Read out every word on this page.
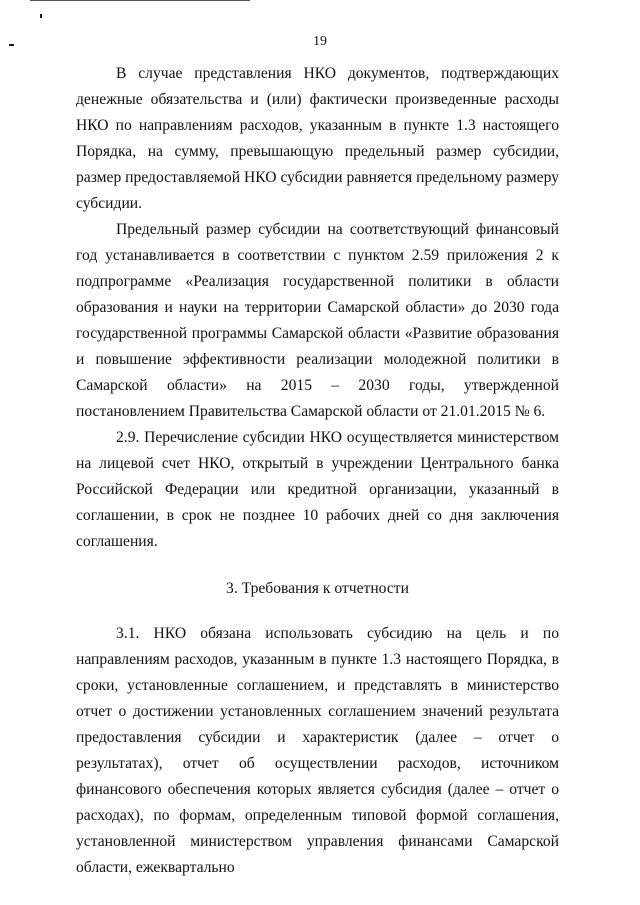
19

В случае представления НКО документов, подтверждающих денежные обязательства и (или) фактически произведенные расходы НКО по направлениям расходов, указанным в пункте 1.3 настоящего Порядка, на сумму, превышающую предельный размер субсидии, размер предоставляемой НКО субсидии равняется предельному размеру субсидии.

Предельный размер субсидии на соответствующий финансовый год устанавливается в соответствии с пунктом 2.59 приложения 2 к подпрограмме «Реализация государственной политики в области образования и науки на территории Самарской области» до 2030 года государственной программы Самарской области «Развитие образования и повышение эффективности реализации молодежной политики в Самарской области» на 2015 – 2030 годы, утвержденной постановлением Правительства Самарской области от 21.01.2015 № 6.

2.9. Перечисление субсидии НКО осуществляется министерством на лицевой счет НКО, открытый в учреждении Центрального банка Российской Федерации или кредитной организации, указанный в соглашении, в срок не позднее 10 рабочих дней со дня заключения соглашения.

3. Требования к отчетности

3.1. НКО обязана использовать субсидию на цель и по направлениям расходов, указанным в пункте 1.3 настоящего Порядка, в сроки, установленные соглашением, и представлять в министерство отчет о достижении установленных соглашением значений результата предоставления субсидии и характеристик (далее – отчет о результатах), отчет об осуществлении расходов, источником финансового обеспечения которых является субсидия (далее – отчет о расходах), по формам, определенным типовой формой соглашения, установленной министерством управления финансами Самарской области, ежеквартально
